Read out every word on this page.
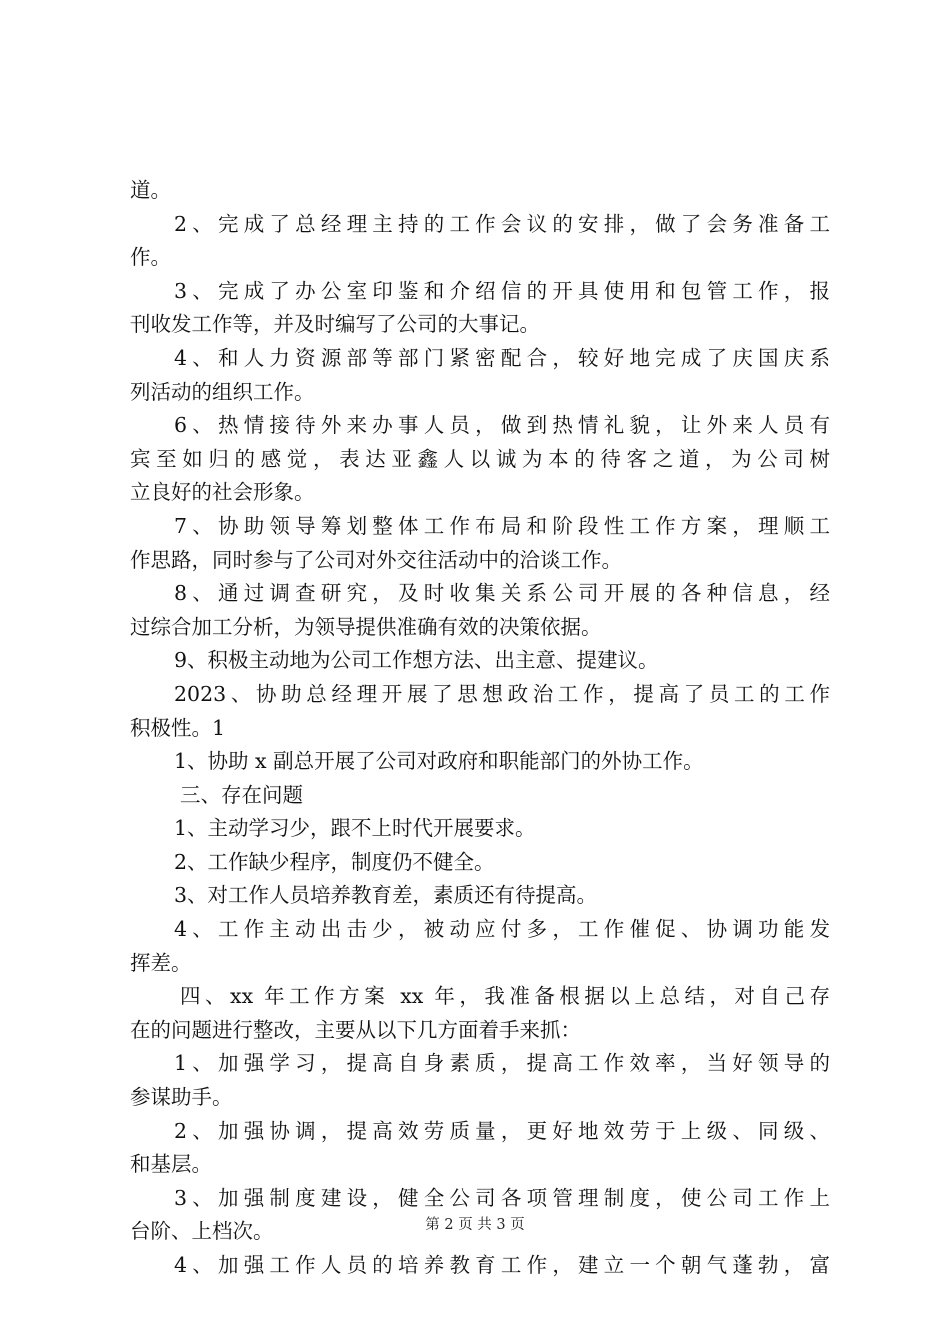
道。
2、完成了总经理主持的工作会议的安排，做了会务准备工
作。
3、完成了办公室印鉴和介绍信的开具使用和包管工作，报
刊收发工作等，并及时编写了公司的大事记。
4、和人力资源部等部门紧密配合，较好地完成了庆国庆系
列活动的组织工作。
6、热情接待外来办事人员，做到热情礼貌，让外来人员有
宾至如归的感觉，表达亚鑫人以诚为本的待客之道，为公司树
立良好的社会形象。
7、协助领导筹划整体工作布局和阶段性工作方案，理顺工
作思路，同时参与了公司对外交往活动中的洽谈工作。
8、通过调查研究，及时收集关系公司开展的各种信息，经
过综合加工分析，为领导提供准确有效的决策依据。
9、积极主动地为公司工作想方法、出主意、提建议。
2023、协助总经理开展了思想政治工作，提高了员工的工作
积极性。1
1、协助 x 副总开展了公司对政府和职能部门的外协工作。
三、存在问题
1、主动学习少，跟不上时代开展要求。
2、工作缺少程序，制度仍不健全。
3、对工作人员培养教育差，素质还有待提高。
4、工作主动出击少，被动应付多，工作催促、协调功能发
挥差。
四、xx 年工作方案 xx 年，我准备根据以上总结，对自己存
在的问题进行整改，主要从以下几方面着手来抓：
1、加强学习，提高自身素质，提高工作效率，当好领导的
参谋助手。
2、加强协调，提高效劳质量，更好地效劳于上级、同级、
和基层。
3、加强制度建设，健全公司各项管理制度，使公司工作上
台阶、上档次。
4、加强工作人员的培养教育工作，建立一个朝气蓬勃，富
第 2 页 共 3 页
